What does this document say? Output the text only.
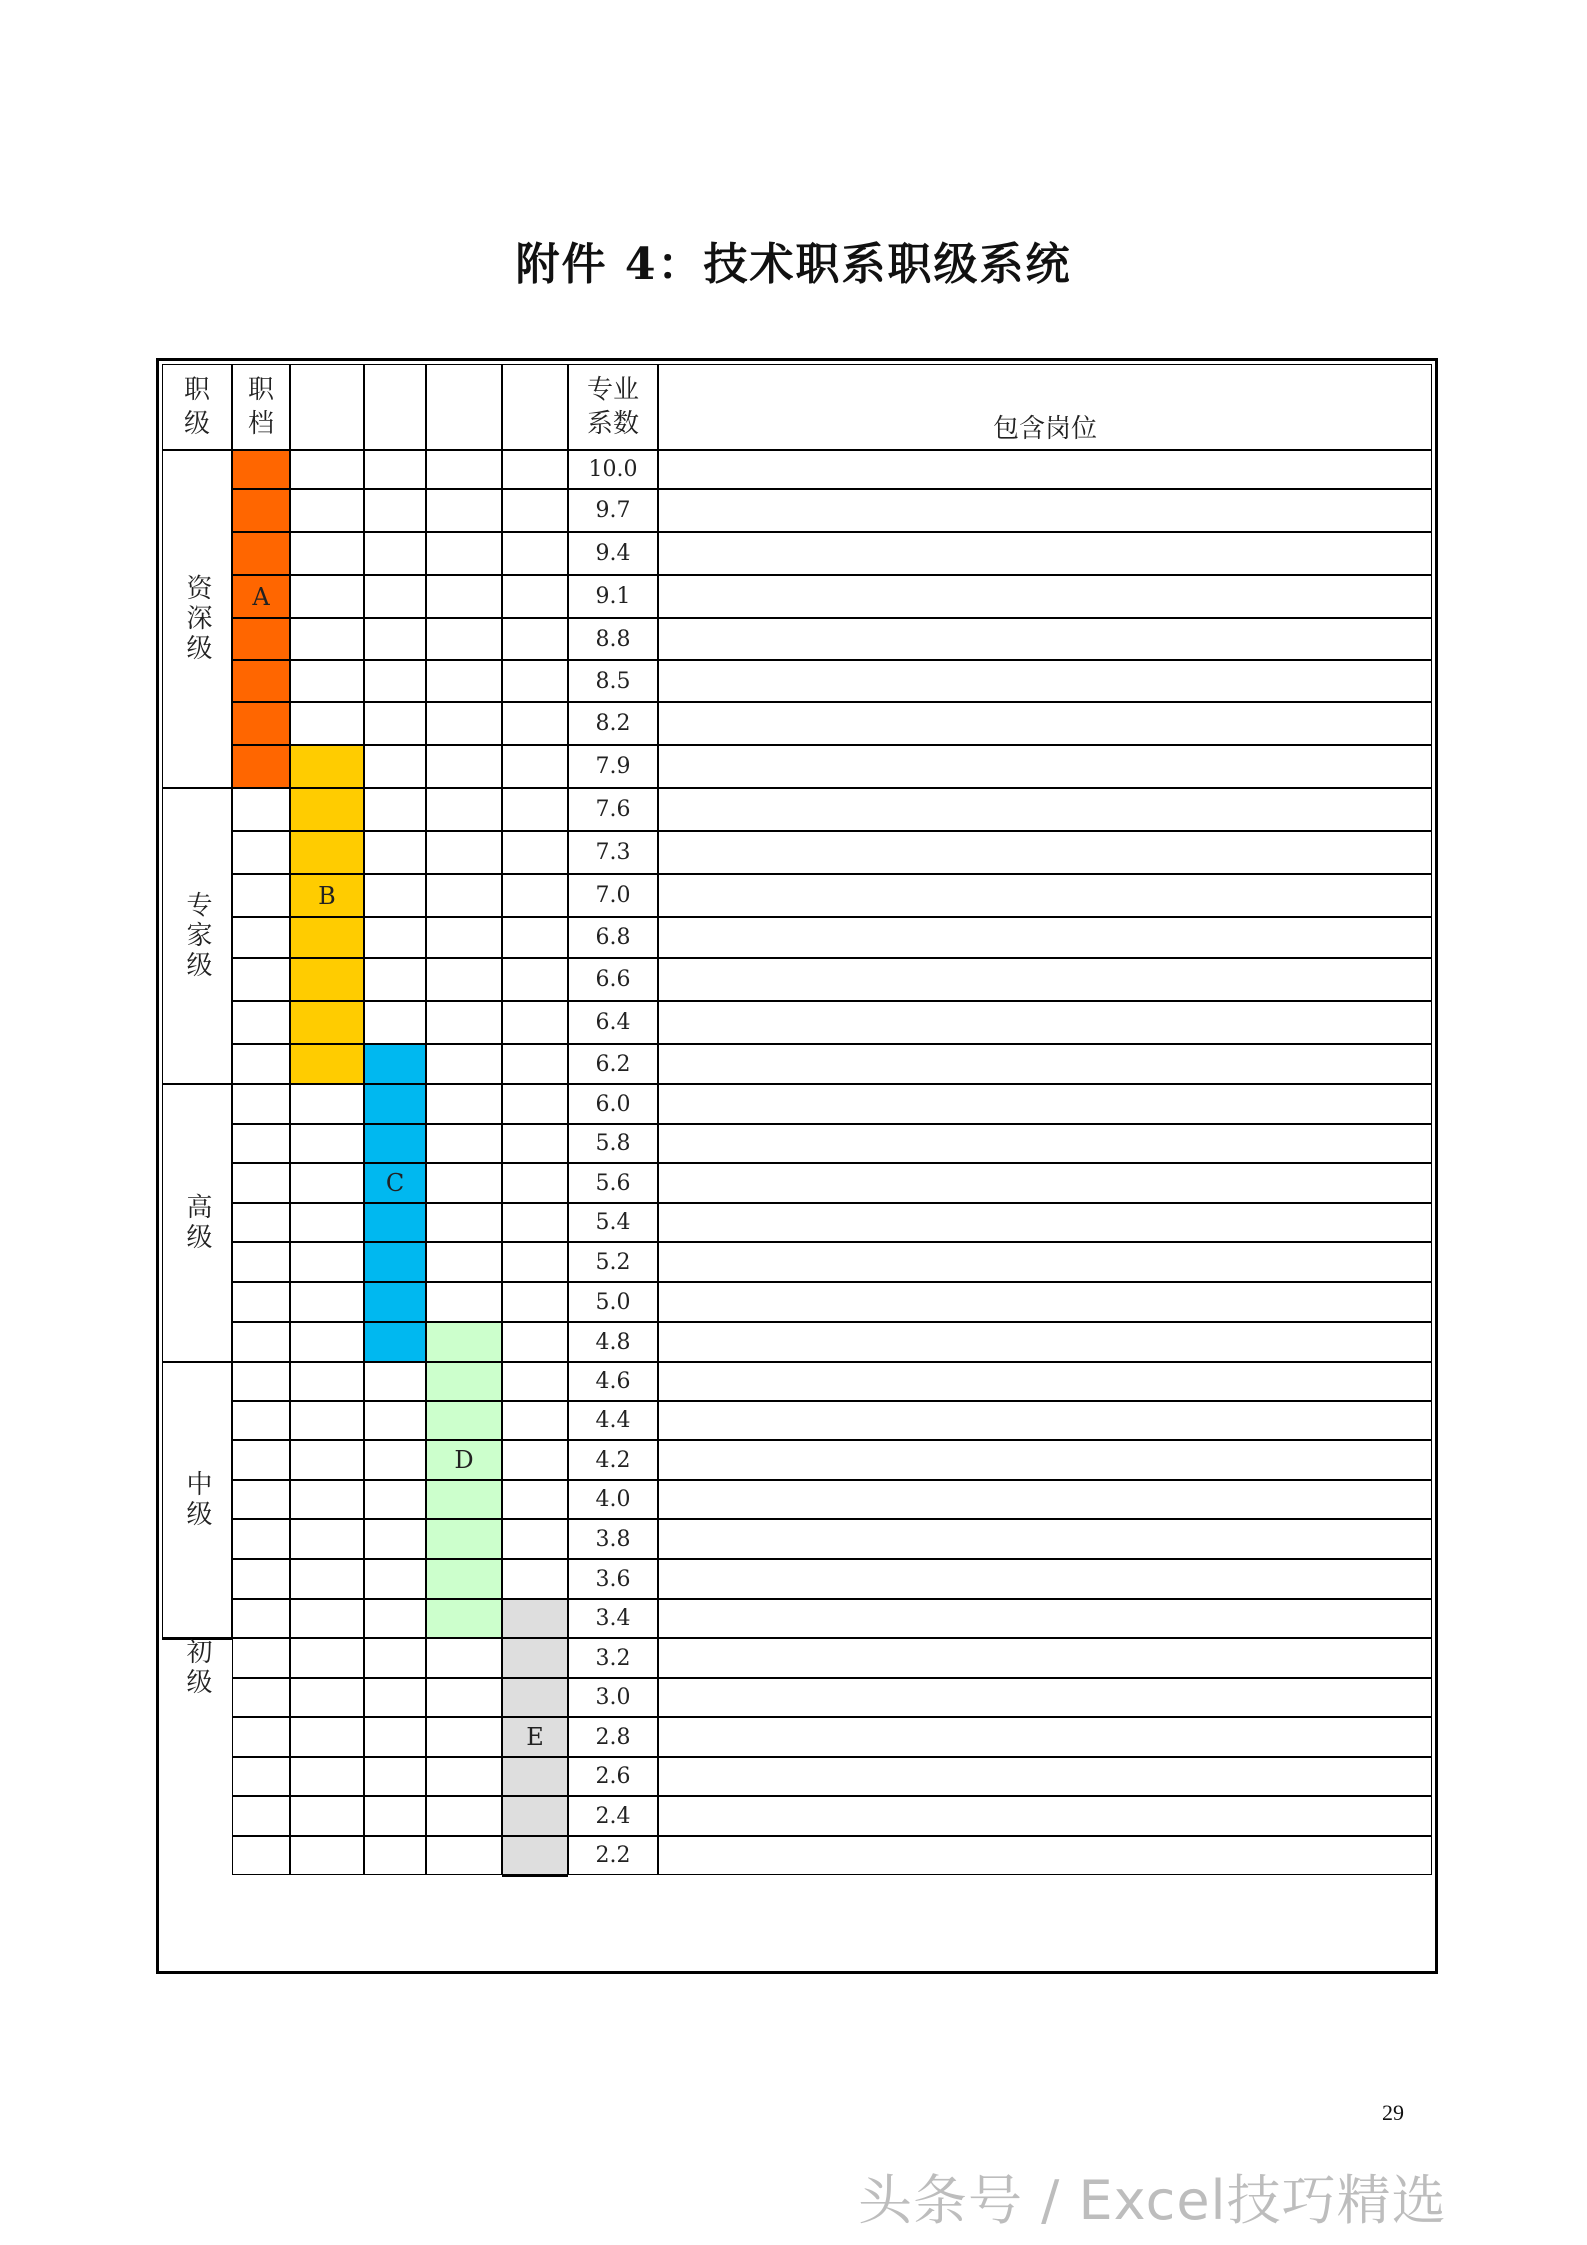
附件 4：技术职系职级系统
A
B
C
D
E
资深级
专家级
高级
中级
初级
10.0
9.7
9.4
9.1
8.8
8.5
8.2
7.9
7.6
7.3
7.0
6.8
6.6
6.4
6.2
6.0
5.8
5.6
5.4
5.2
5.0
4.8
4.6
4.4
4.2
4.0
3.8
3.6
3.4
3.2
3.0
2.8
2.6
2.4
2.2
职
级
职
档
专业
系数	包含岗位
29
头条号 / Excel技巧精选
